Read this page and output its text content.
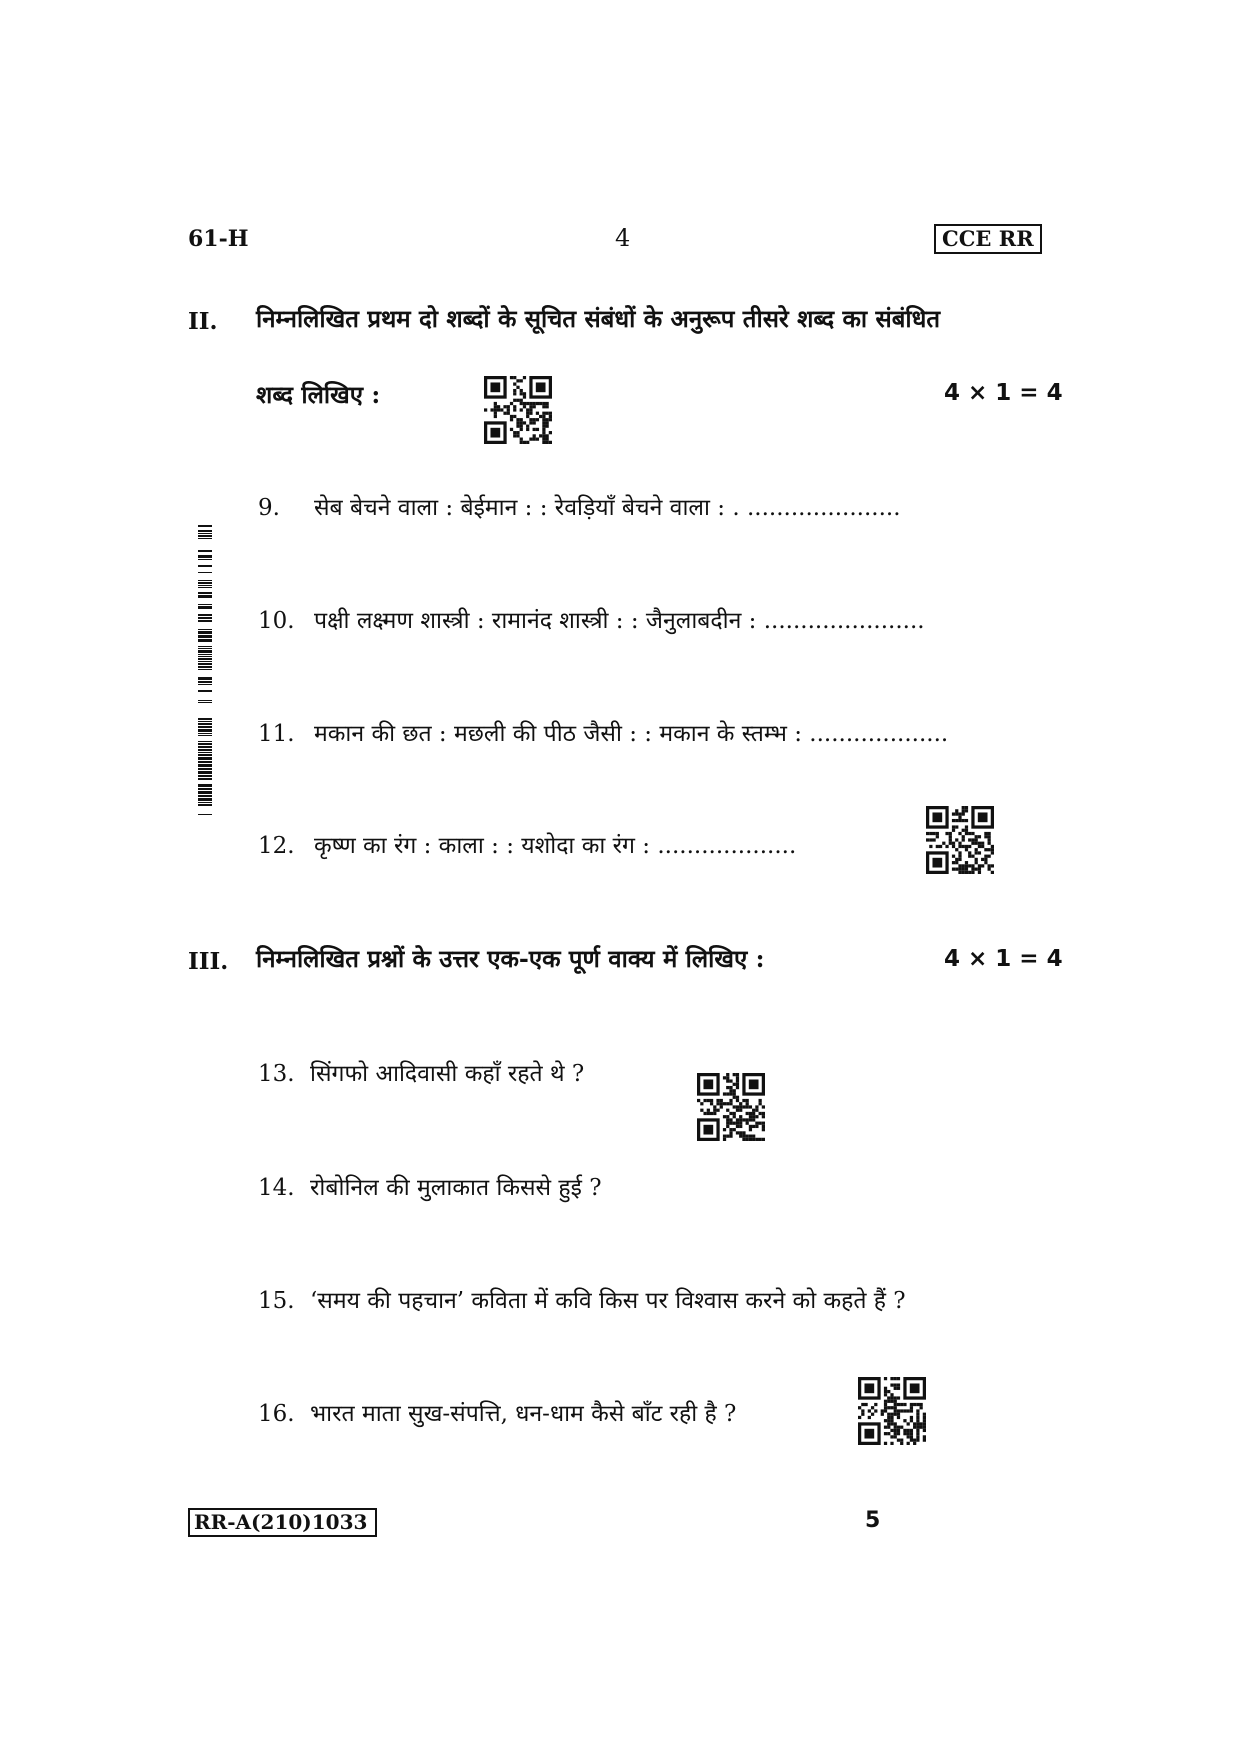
61-H	4	CCE RR
II. निम्नलिखित प्रथम दो शब्दों के सूचित संबंधों के अनुरूप तीसरे शब्द का संबंधित
शब्द लिखिए :	4 × 1 = 4
9. सेब बेचने वाला : बेईमान : : रेवड़ियाँ बेचने वाला : . .....................
10. पक्षी लक्ष्मण शास्त्री : रामानंद शास्त्री : : जैनुलाबदीन : ......................
11. मकान की छत : मछली की पीठ जैसी : : मकान के स्तम्भ : ...................
12. कृष्ण का रंग : काला : : यशोदा का रंग : ...................
III. निम्नलिखित प्रश्नों के उत्तर एक-एक पूर्ण वाक्य में लिखिए :	4 × 1 = 4
13. सिंगफो आदिवासी कहाँ रहते थे ?
14. रोबोनिल की मुलाकात किससे हुई ?
15. ‘समय की पहचान’ कविता में कवि किस पर विश्वास करने को कहते हैं ?
16. भारत माता सुख-संपत्ति, धन-धाम कैसे बाँट रही है ?
RR-A(210)1033	5
